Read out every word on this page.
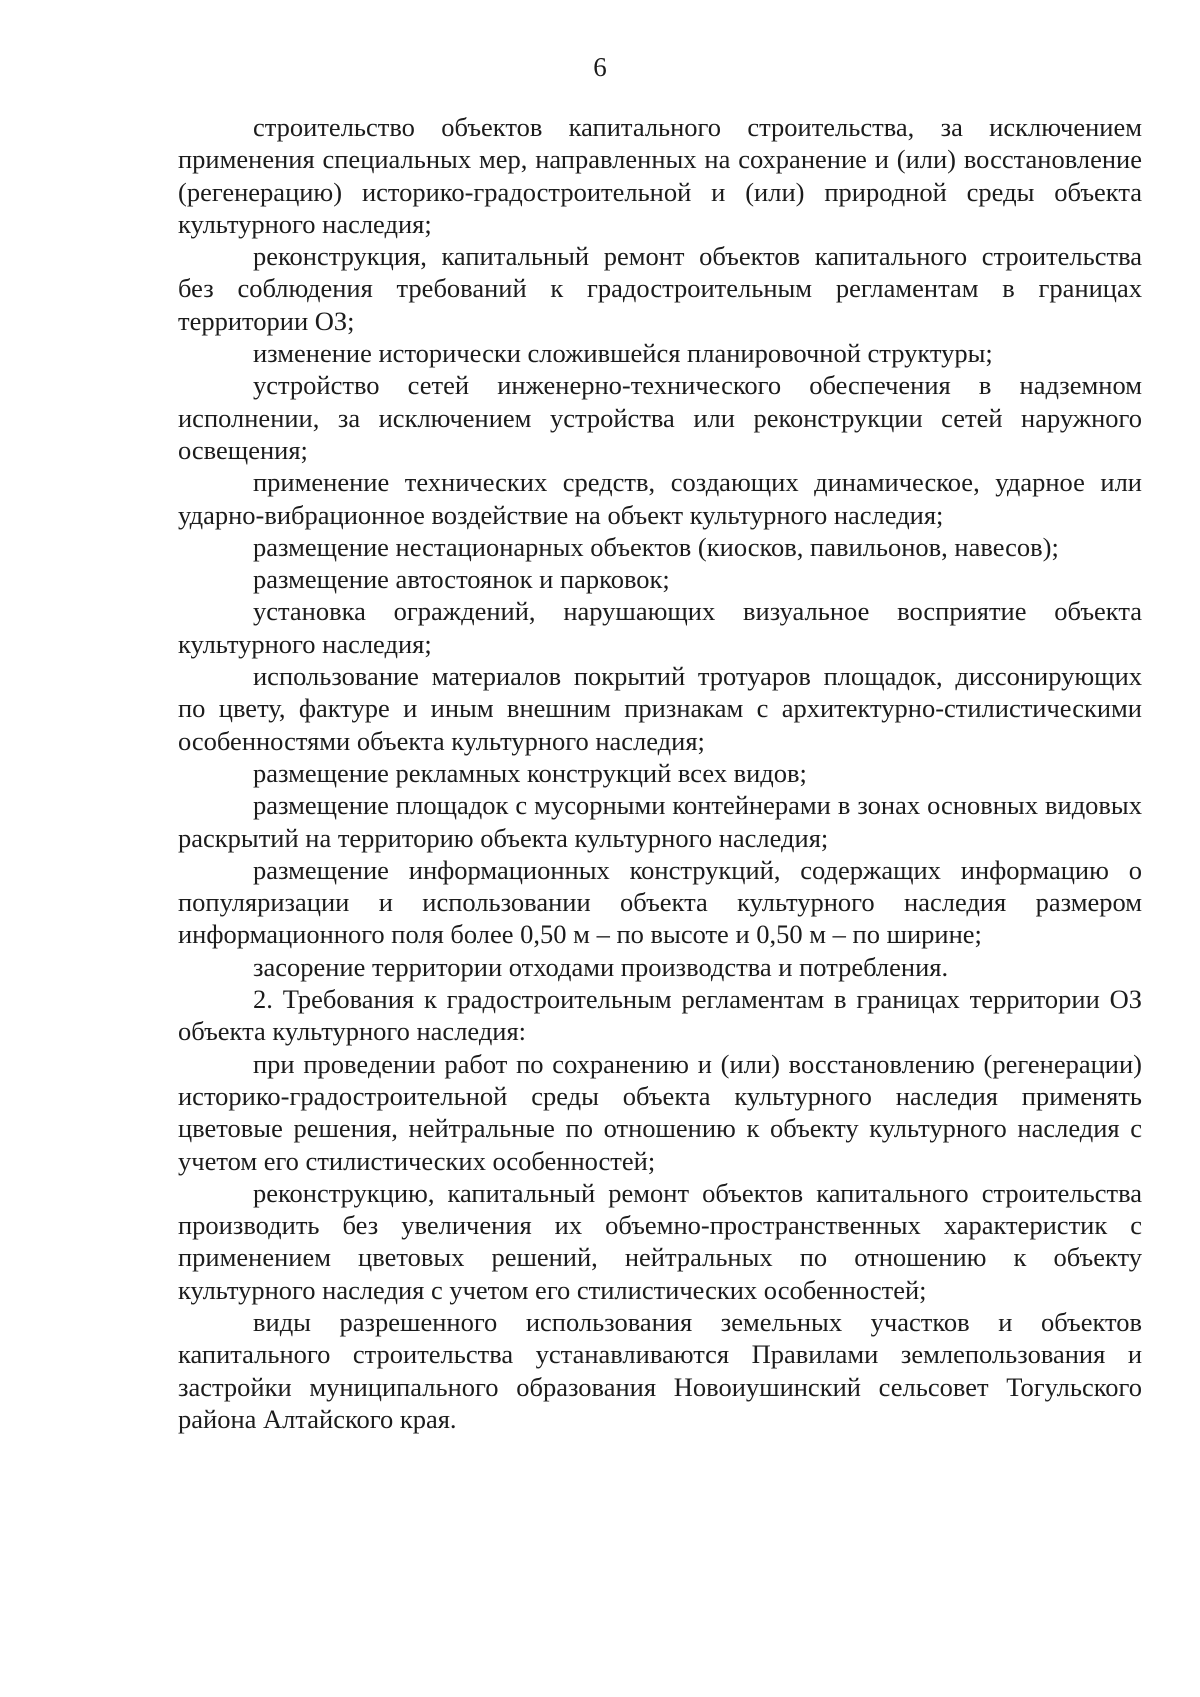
6

строительство объектов капитального строительства, за исключением применения специальных мер, направленных на сохранение и (или) восстановление (регенерацию) историко-градостроительной и (или) природной среды объекта культурного наследия;

реконструкция, капитальный ремонт объектов капитального строительства без соблюдения требований к градостроительным регламентам в границах территории ОЗ;

изменение исторически сложившейся планировочной структуры;

устройство сетей инженерно-технического обеспечения в надземном исполнении, за исключением устройства или реконструкции сетей наружного освещения;

применение технических средств, создающих динамическое, ударное или ударно-вибрационное воздействие на объект культурного наследия;

размещение нестационарных объектов (киосков, павильонов, навесов);

размещение автостоянок и парковок;

установка ограждений, нарушающих визуальное восприятие объекта культурного наследия;

использование материалов покрытий тротуаров площадок, диссонирующих по цвету, фактуре и иным внешним признакам с архитектурно-стилистическими особенностями объекта культурного наследия;

размещение рекламных конструкций всех видов;

размещение площадок с мусорными контейнерами в зонах основных видовых раскрытий на территорию объекта культурного наследия;

размещение информационных конструкций, содержащих информацию о популяризации и использовании объекта культурного наследия размером информационного поля более 0,50 м – по высоте и 0,50 м – по ширине;

засорение территории отходами производства и потребления.

2. Требования к градостроительным регламентам в границах территории ОЗ объекта культурного наследия:

при проведении работ по сохранению и (или) восстановлению (регенерации) историко-градостроительной среды объекта культурного наследия применять цветовые решения, нейтральные по отношению к объекту культурного наследия с учетом его стилистических особенностей;

реконструкцию, капитальный ремонт объектов капитального строительства производить без увеличения их объемно-пространственных характеристик с применением цветовых решений, нейтральных по отношению к объекту культурного наследия с учетом его стилистических особенностей;

виды разрешенного использования земельных участков и объектов капитального строительства устанавливаются Правилами землепользования и застройки муниципального образования Новоиушинский сельсовет Тогульского района Алтайского края.
